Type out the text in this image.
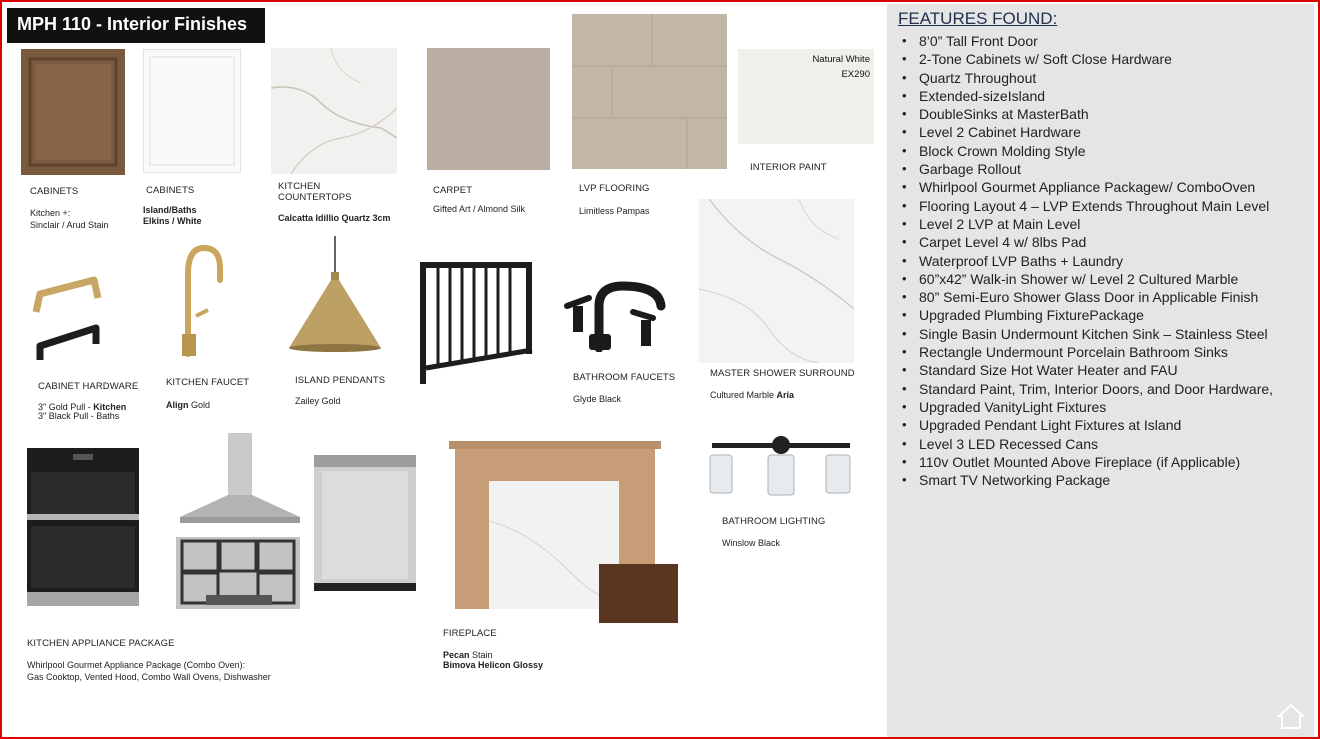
MPH 110 - Interior Finishes
CABINETS
Kitchen +:
Sinclair / Arud Stain
CABINETS
Island/Baths
Elkins / White
KITCHEN
COUNTERTOPS
Calcatta Idillio Quartz 3cm
CARPET
Gifted Art / Almond Silk
LVP FLOORING
Limitless Pampas
Natural White
EX290
INTERIOR PAINT
CABINET HARDWARE
3" Gold Pull - Kitchen
3" Black Pull - Baths
KITCHEN FAUCET
Align Gold
ISLAND PENDANTS
Zailey Gold
BATHROOM FAUCETS
Glyde Black
MASTER SHOWER SURROUND
Cultured Marble Aria
KITCHEN APPLIANCE PACKAGE
Whirlpool Gourmet Appliance Package (Combo Oven):
Gas Cooktop, Vented Hood, Combo Wall Ovens, Dishwasher
FIREPLACE
Pecan Stain
Bimova Helicon Glossy
BATHROOM LIGHTING
Winslow Black
FEATURES FOUND:
• 8’0” Tall Front Door
• 2-Tone Cabinets w/ Soft Close Hardware
• Quartz Throughout
• Extended-sizeIsland
• DoubleSinks at MasterBath
• Level 2 Cabinet Hardware
• Block Crown Molding Style
• Garbage Rollout
• Whirlpool Gourmet Appliance Packagew/ ComboOven
• Flooring Layout 4 – LVP Extends Throughout Main Level
• Level 2 LVP at Main Level
• Carpet Level 4 w/ 8lbs Pad
• Waterproof LVP Baths + Laundry
• 60”x42” Walk-in Shower w/ Level 2 Cultured Marble
• 80” Semi-Euro Shower Glass Door in Applicable Finish
• Upgraded Plumbing FixturePackage
• Single Basin Undermount Kitchen Sink – Stainless Steel
• Rectangle Undermount Porcelain Bathroom Sinks
• Standard Size Hot Water Heater and FAU
• Standard Paint, Trim, Interior Doors, and Door Hardware,
• Upgraded VanityLight Fixtures
• Upgraded Pendant Light Fixtures at Island
• Level 3 LED Recessed Cans
• 110v Outlet Mounted Above Fireplace (if Applicable)
• Smart TV Networking Package
